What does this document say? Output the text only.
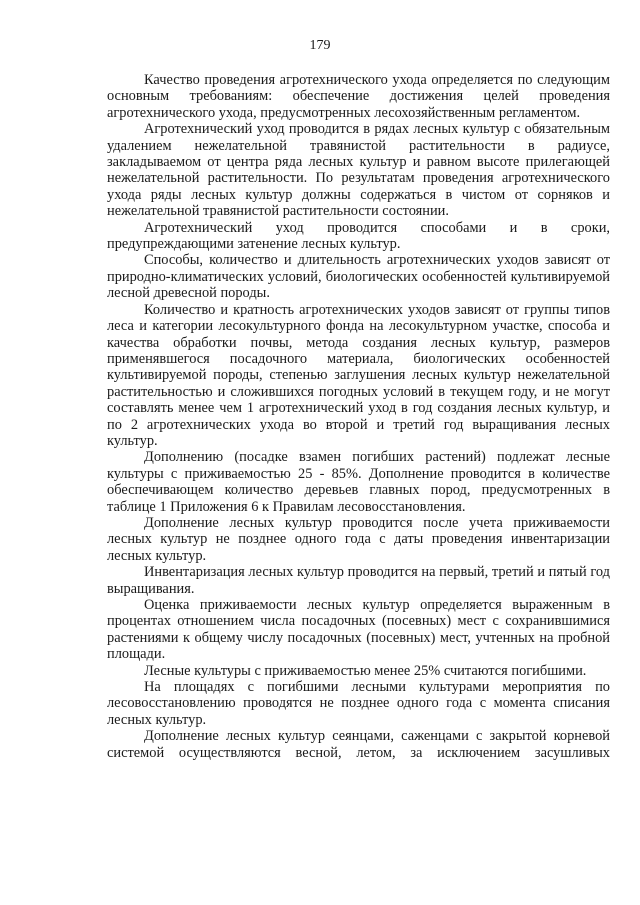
179

Качество проведения агротехнического ухода определяется по следующим основным требованиям: обеспечение достижения целей проведения агротехнического ухода, предусмотренных лесохозяйственным регламентом.

Агротехнический уход проводится в рядах лесных культур с обязательным удалением нежелательной травянистой растительности в радиусе, закладываемом от центра ряда лесных культур и равном высоте прилегающей нежелательной растительности. По результатам проведения агротехнического ухода ряды лесных культур должны содержаться в чистом от сорняков и нежелательной травянистой растительности состоянии.

Агротехнический уход проводится способами и в сроки, предупреждающими затенение лесных культур.

Способы, количество и длительность агротехнических уходов зависят от природно-климатических условий, биологических особенностей культивируемой лесной древесной породы.

Количество и кратность агротехнических уходов зависят от группы типов леса и категории лесокультурного фонда на лесокультурном участке, способа и качества обработки почвы, метода создания лесных культур, размеров применявшегося посадочного материала, биологических особенностей культивируемой породы, степенью заглушения лесных культур нежелательной растительностью и сложившихся погодных условий в текущем году, и не могут составлять менее чем 1 агротехнический уход в год создания лесных культур, и по 2 агротехнических ухода во второй и третий год выращивания лесных культур.

Дополнению (посадке взамен погибших растений) подлежат лесные культуры с приживаемостью 25 - 85%. Дополнение проводится в количестве обеспечивающем количество деревьев главных пород, предусмотренных в таблице 1 Приложения 6 к Правилам лесовосстановления.

Дополнение лесных культур проводится после учета приживаемости лесных культур не позднее одного года с даты проведения инвентаризации лесных культур.

Инвентаризация лесных культур проводится на первый, третий и пятый год выращивания.

Оценка приживаемости лесных культур определяется выраженным в процентах отношением числа посадочных (посевных) мест с сохранившимися растениями к общему числу посадочных (посевных) мест, учтенных на пробной площади.

Лесные культуры с приживаемостью менее 25% считаются погибшими.

На площадях с погибшими лесными культурами мероприятия по лесовосстановлению проводятся не позднее одного года с момента списания лесных культур.

Дополнение лесных культур сеянцами, саженцами с закрытой корневой системой осуществляются весной, летом, за исключением засушливых
